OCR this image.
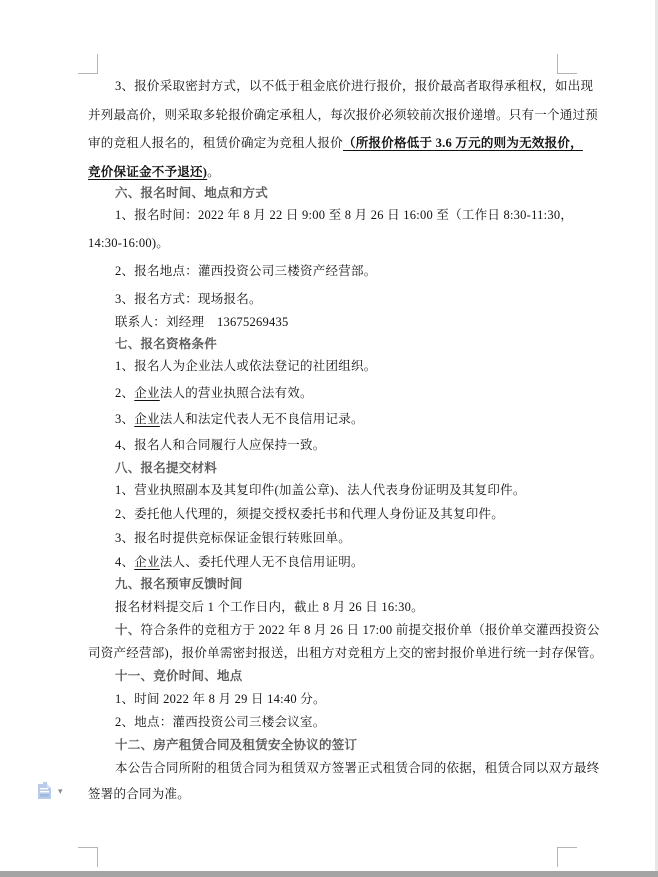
3、报价采取密封方式，以不低于租金底价进行报价，报价最高者取得承租权，如出现
并列最高价，则采取多轮报价确定承租人，每次报价必须较前次报价递增。只有一个通过预
审的竞租人报名的，租赁价确定为竞租人报价（所报价格低于 3.6 万元的则为无效报价，
竞价保证金不予退还)。
六、报名时间、地点和方式
1、报名时间：2022 年 8 月 22 日 9:00 至 8 月 26 日 16:00 至（工作日 8:30-11:30，
14:30-16:00)。
2、报名地点：灌西投资公司三楼资产经营部。
3、报名方式：现场报名。
联系人：刘经理　13675269435
七、报名资格条件
1、报名人为企业法人或依法登记的社团组织。
2、企业法人的营业执照合法有效。
3、企业法人和法定代表人无不良信用记录。
4、报名人和合同履行人应保持一致。
八、报名提交材料
1、营业执照副本及其复印件(加盖公章)、法人代表身份证明及其复印件。
2、委托他人代理的，须提交授权委托书和代理人身份证及其复印件。
3、报名时提供竞标保证金银行转账回单。
4、企业法人、委托代理人无不良信用证明。
九、报名预审反馈时间
报名材料提交后 1 个工作日内，截止 8 月 26 日 16:30。
十、符合条件的竞租方于 2022 年 8 月 26 日 17:00 前提交报价单（报价单交灌西投资公
司资产经营部)，报价单需密封报送，出租方对竞租方上交的密封报价单进行统一封存保管。
十一、竞价时间、地点
1、时间 2022 年 8 月 29 日 14:40 分。
2、地点：灌西投资公司三楼会议室。
十二、房产租赁合同及租赁安全协议的签订
本公告合同所附的租赁合同为租赁双方签署正式租赁合同的依据，租赁合同以双方最终
签署的合同为准。
▾
